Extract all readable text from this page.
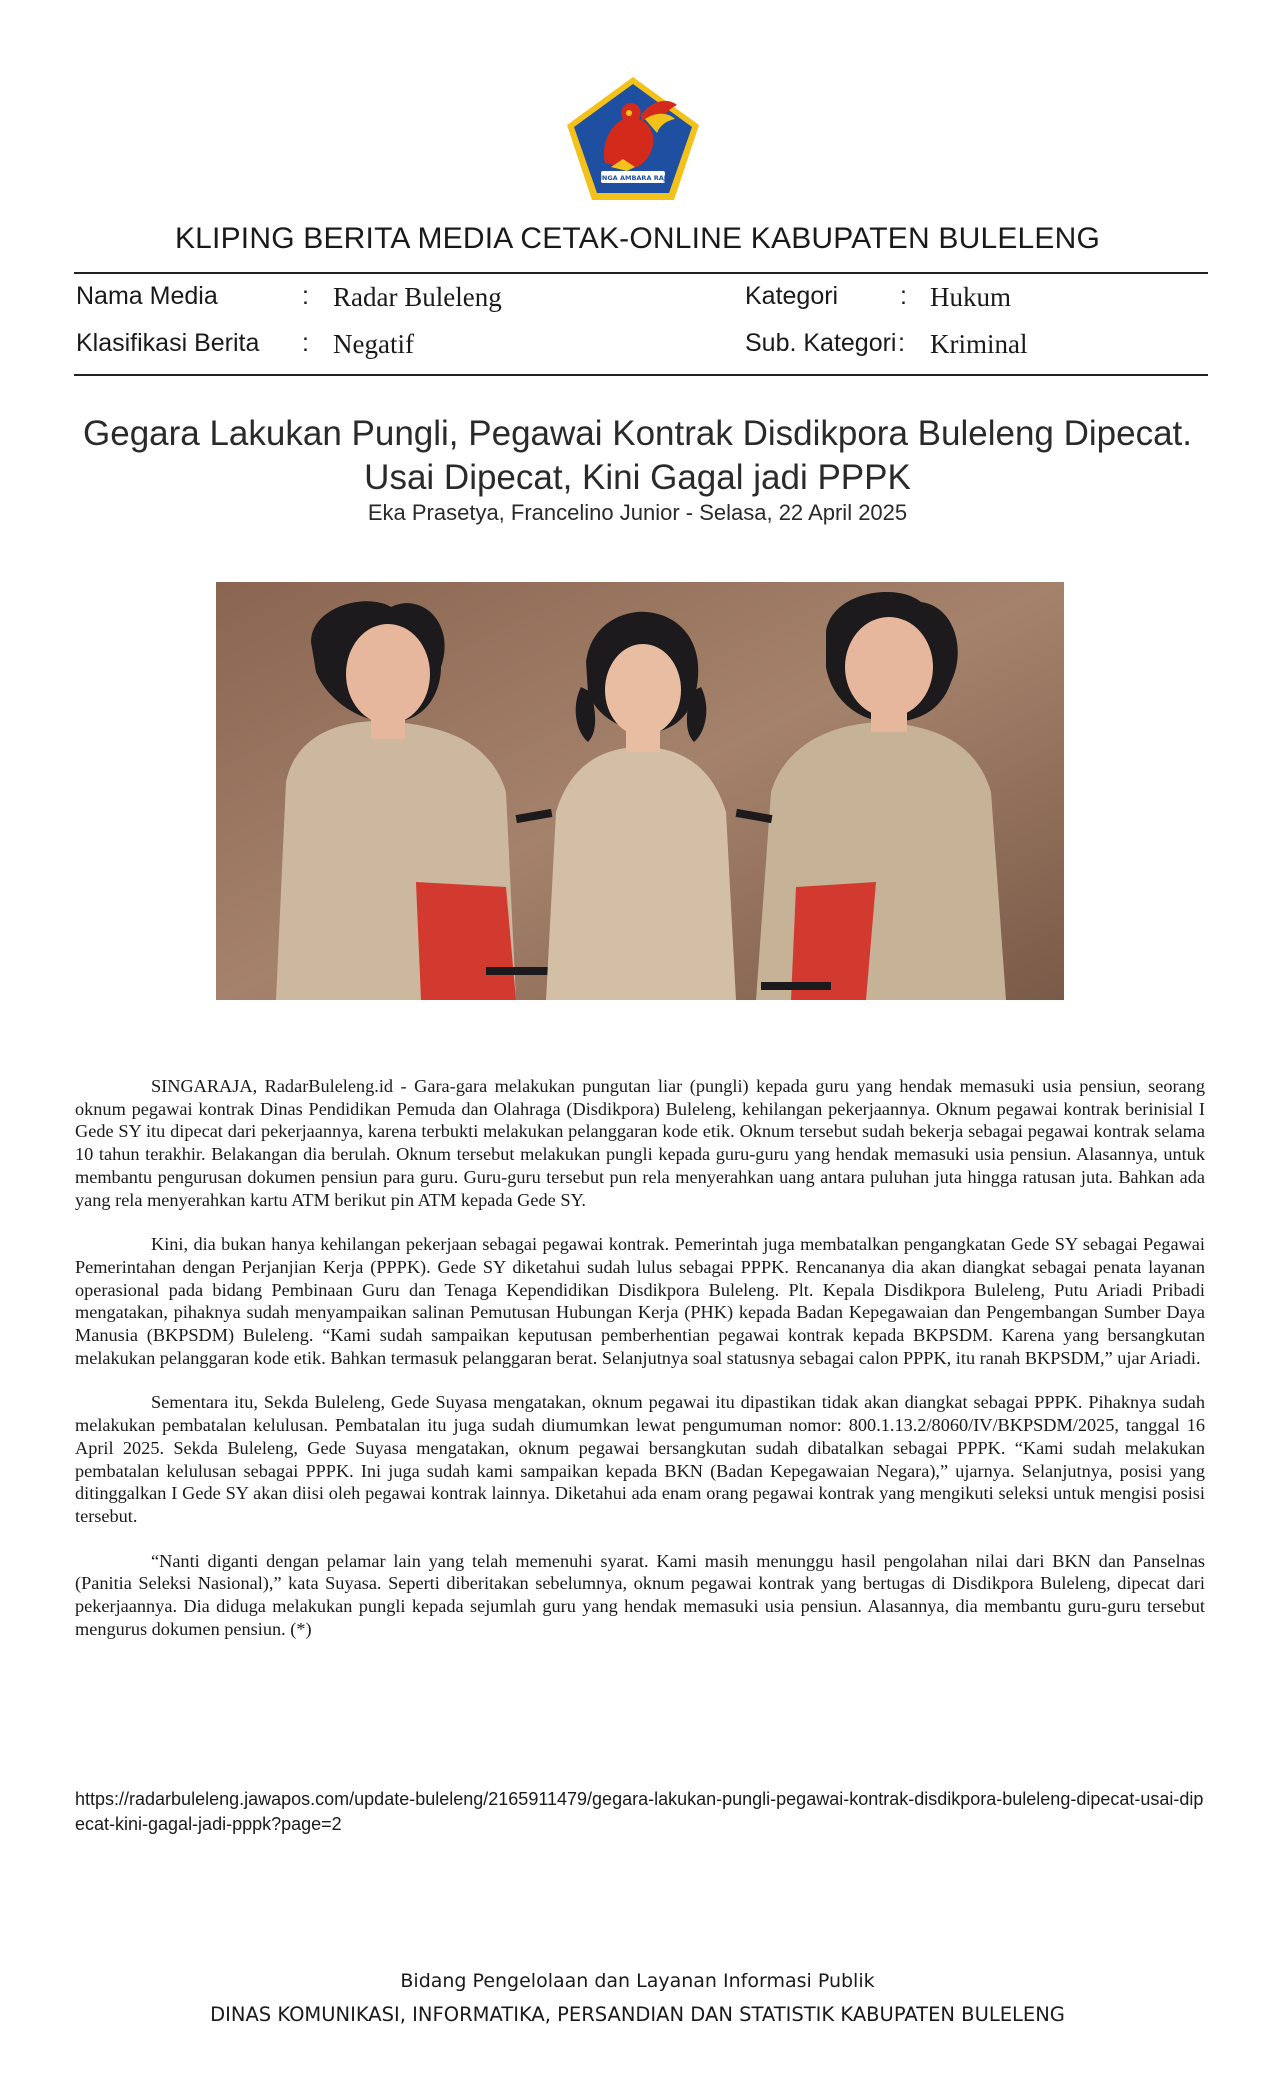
SINGA AMBARA RAJA
KLIPING BERITA MEDIA CETAK-ONLINE KABUPATEN BULELENG
Nama Media	: Radar Buleleng	Kategori : Hukum
Klasifikasi Berita : Negatif	Sub. Kategori : Kriminal
Gegara Lakukan Pungli, Pegawai Kontrak Disdikpora Buleleng Dipecat.
Usai Dipecat, Kini Gagal jadi PPPK
Eka Prasetya, Francelino Junior - Selasa, 22 April 2025

SINGARAJA, RadarBuleleng.id - Gara-gara melakukan pungutan liar (pungli) kepada guru yang hendak memasuki usia pensiun, seorang oknum pegawai kontrak Dinas Pendidikan Pemuda dan Olahraga (Disdikpora) Buleleng, kehilangan pekerjaannya. Oknum pegawai kontrak berinisial I Gede SY itu dipecat dari pekerjaannya, karena terbukti melakukan pelanggaran kode etik. Oknum tersebut sudah bekerja sebagai pegawai kontrak selama 10 tahun terakhir. Belakangan dia berulah. Oknum tersebut melakukan pungli kepada guru-guru yang hendak memasuki usia pensiun. Alasannya, untuk membantu pengurusan dokumen pensiun para guru. Guru-guru tersebut pun rela menyerahkan uang antara puluhan juta hingga ratusan juta. Bahkan ada yang rela menyerahkan kartu ATM berikut pin ATM kepada Gede SY.

Kini, dia bukan hanya kehilangan pekerjaan sebagai pegawai kontrak. Pemerintah juga membatalkan pengangkatan Gede SY sebagai Pegawai Pemerintahan dengan Perjanjian Kerja (PPPK). Gede SY diketahui sudah lulus sebagai PPPK. Rencananya dia akan diangkat sebagai penata layanan operasional pada bidang Pembinaan Guru dan Tenaga Kependidikan Disdikpora Buleleng. Plt. Kepala Disdikpora Buleleng, Putu Ariadi Pribadi mengatakan, pihaknya sudah menyampaikan salinan Pemutusan Hubungan Kerja (PHK) kepada Badan Kepegawaian dan Pengembangan Sumber Daya Manusia (BKPSDM) Buleleng. “Kami sudah sampaikan keputusan pemberhentian pegawai kontrak kepada BKPSDM. Karena yang bersangkutan melakukan pelanggaran kode etik. Bahkan termasuk pelanggaran berat. Selanjutnya soal statusnya sebagai calon PPPK, itu ranah BKPSDM,” ujar Ariadi.

Sementara itu, Sekda Buleleng, Gede Suyasa mengatakan, oknum pegawai itu dipastikan tidak akan diangkat sebagai PPPK. Pihaknya sudah melakukan pembatalan kelulusan. Pembatalan itu juga sudah diumumkan lewat pengumuman nomor: 800.1.13.2/8060/IV/BKPSDM/2025, tanggal 16 April 2025. Sekda Buleleng, Gede Suyasa mengatakan, oknum pegawai bersangkutan sudah dibatalkan sebagai PPPK. “Kami sudah melakukan pembatalan kelulusan sebagai PPPK. Ini juga sudah kami sampaikan kepada BKN (Badan Kepegawaian Negara),” ujarnya. Selanjutnya, posisi yang ditinggalkan I Gede SY akan diisi oleh pegawai kontrak lainnya. Diketahui ada enam orang pegawai kontrak yang mengikuti seleksi untuk mengisi posisi tersebut.

“Nanti diganti dengan pelamar lain yang telah memenuhi syarat. Kami masih menunggu hasil pengolahan nilai dari BKN dan Panselnas (Panitia Seleksi Nasional),” kata Suyasa. Seperti diberitakan sebelumnya, oknum pegawai kontrak yang bertugas di Disdikpora Buleleng, dipecat dari pekerjaannya. Dia diduga melakukan pungli kepada sejumlah guru yang hendak memasuki usia pensiun. Alasannya, dia membantu guru-guru tersebut mengurus dokumen pensiun. (*)

https://radarbuleleng.jawapos.com/update-buleleng/2165911479/gegara-lakukan-pungli-pegawai-kontrak-disdikpora-buleleng-dipecat-usai-dipecat-kini-gagal-jadi-pppk?page=2
Bidang Pengelolaan dan Layanan Informasi Publik
DINAS KOMUNIKASI, INFORMATIKA, PERSANDIAN DAN STATISTIK KABUPATEN BULELENG
